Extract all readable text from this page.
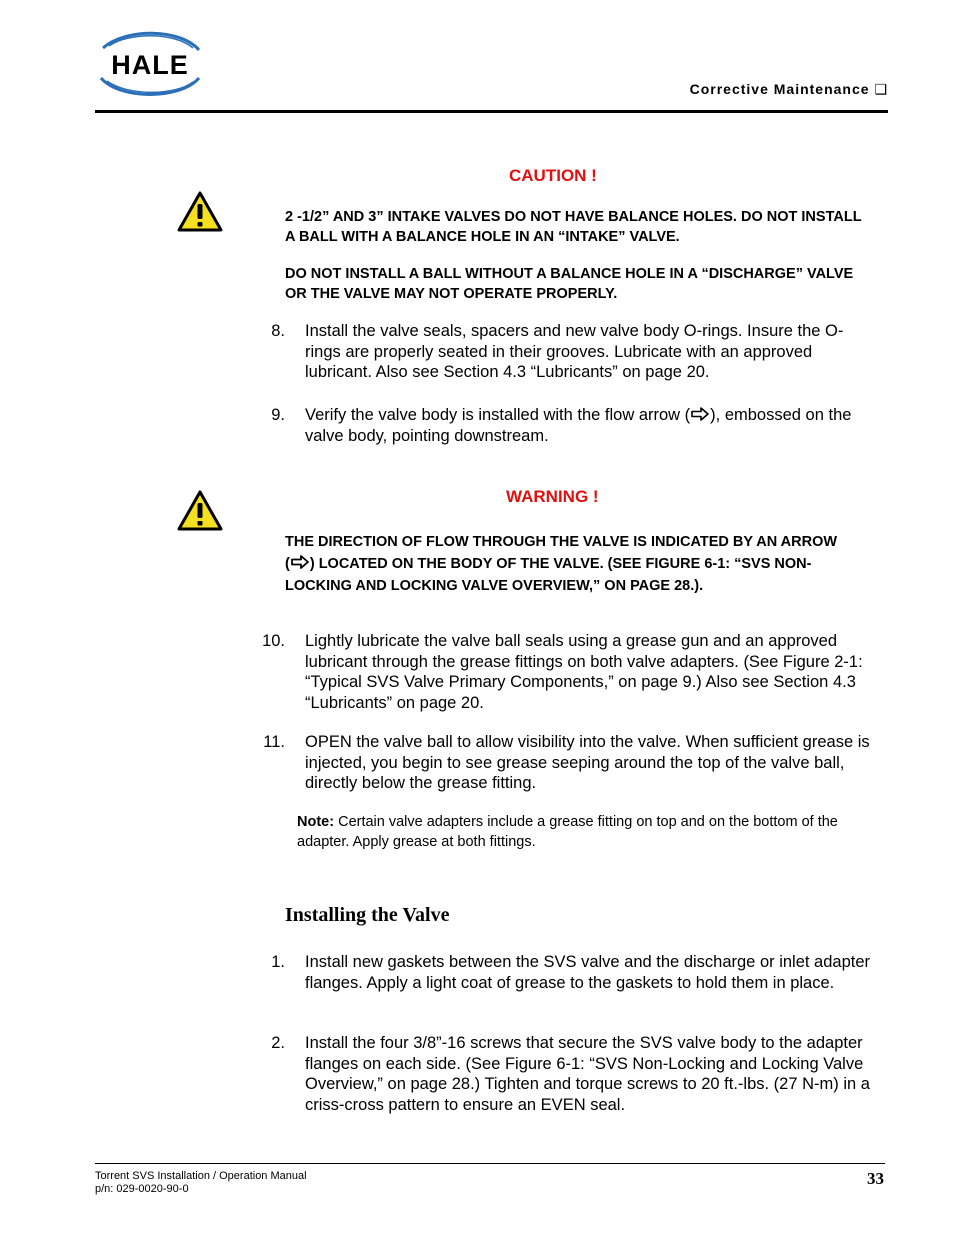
HALE
Corrective Maintenance ❑
CAUTION !
2 -1/2” AND 3” INTAKE VALVES DO NOT HAVE BALANCE HOLES. DO NOT INSTALL A BALL WITH A BALANCE HOLE IN AN “INTAKE” VALVE.
DO NOT INSTALL A BALL WITHOUT A BALANCE HOLE IN A “DISCHARGE” VALVE OR THE VALVE MAY NOT OPERATE PROPERLY.
8. Install the valve seals, spacers and new valve body O-rings. Insure the O-rings are properly seated in their grooves. Lubricate with an approved lubricant. Also see Section 4.3 “Lubricants” on page 20.
9. Verify the valve body is installed with the flow arrow ( ), embossed on the valve body, pointing downstream.
WARNING !
THE DIRECTION OF FLOW THROUGH THE VALVE IS INDICATED BY AN ARROW
( ) LOCATED ON THE BODY OF THE VALVE. (SEE FIGURE 6-1: “SVS NON-
LOCKING AND LOCKING VALVE OVERVIEW,” ON PAGE 28.).
10. Lightly lubricate the valve ball seals using a grease gun and an approved lubricant through the grease fittings on both valve adapters. (See Figure 2-1: “Typical SVS Valve Primary Components,” on page 9.) Also see Section 4.3 “Lubricants” on page 20.
11. OPEN the valve ball to allow visibility into the valve. When sufficient grease is injected, you begin to see grease seeping around the top of the valve ball, directly below the grease fitting.
Note: Certain valve adapters include a grease fitting on top and on the bottom of the adapter. Apply grease at both fittings.
Installing the Valve
1. Install new gaskets between the SVS valve and the discharge or inlet adapter flanges. Apply a light coat of grease to the gaskets to hold them in place.
2. Install the four 3/8”-16 screws that secure the SVS valve body to the adapter flanges on each side. (See Figure 6-1: “SVS Non-Locking and Locking Valve Overview,” on page 28.) Tighten and torque screws to 20 ft.-lbs. (27 N-m) in a criss-cross pattern to ensure an EVEN seal.
Torrent SVS Installation / Operation Manual
p/n: 029-0020-90-0
33
